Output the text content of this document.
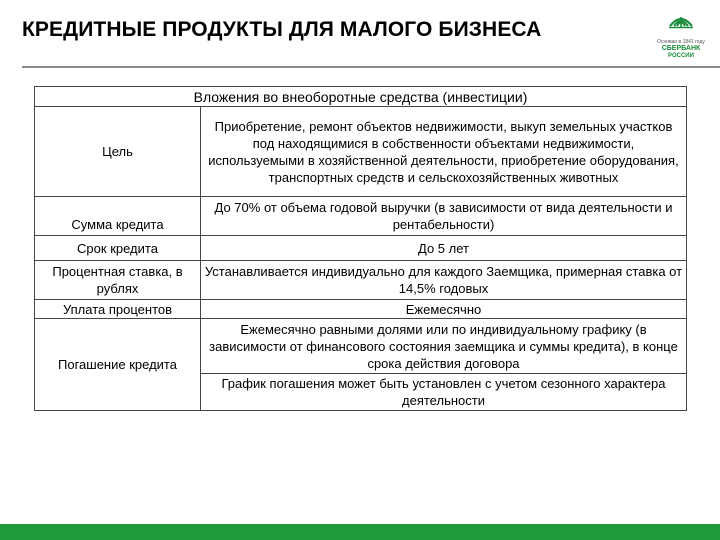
КРЕДИТНЫЕ ПРОДУКТЫ ДЛЯ МАЛОГО БИЗНЕСА
Основан в 1841 году
СБЕРБАНК
РОССИИ
Вложения во внеоборотные средства (инвестиции)	
Цель	Приобретение, ремонт объектов недвижимости, выкуп земельных участков под находящимися в собственности объектами недвижимости, используемыми в хозяйственной деятельности, приобретение оборудования, транспортных средств и сельскохозяйственных животных
Сумма кредита	До 70% от объема годовой выручки (в зависимости от вида деятельности и рентабельности)
Срок кредита	До 5 лет
Процентная ставка, в рублях	Устанавливается индивидуально для каждого Заемщика, примерная ставка от 14,5% годовых
Уплата процентов	Ежемесячно
Погашение кредита	Ежемесячно равными долями или по индивидуальному графику (в зависимости от финансового состояния заемщика и суммы кредита), в конце срока действия договора
	График погашения может быть установлен с учетом сезонного характера деятельности
